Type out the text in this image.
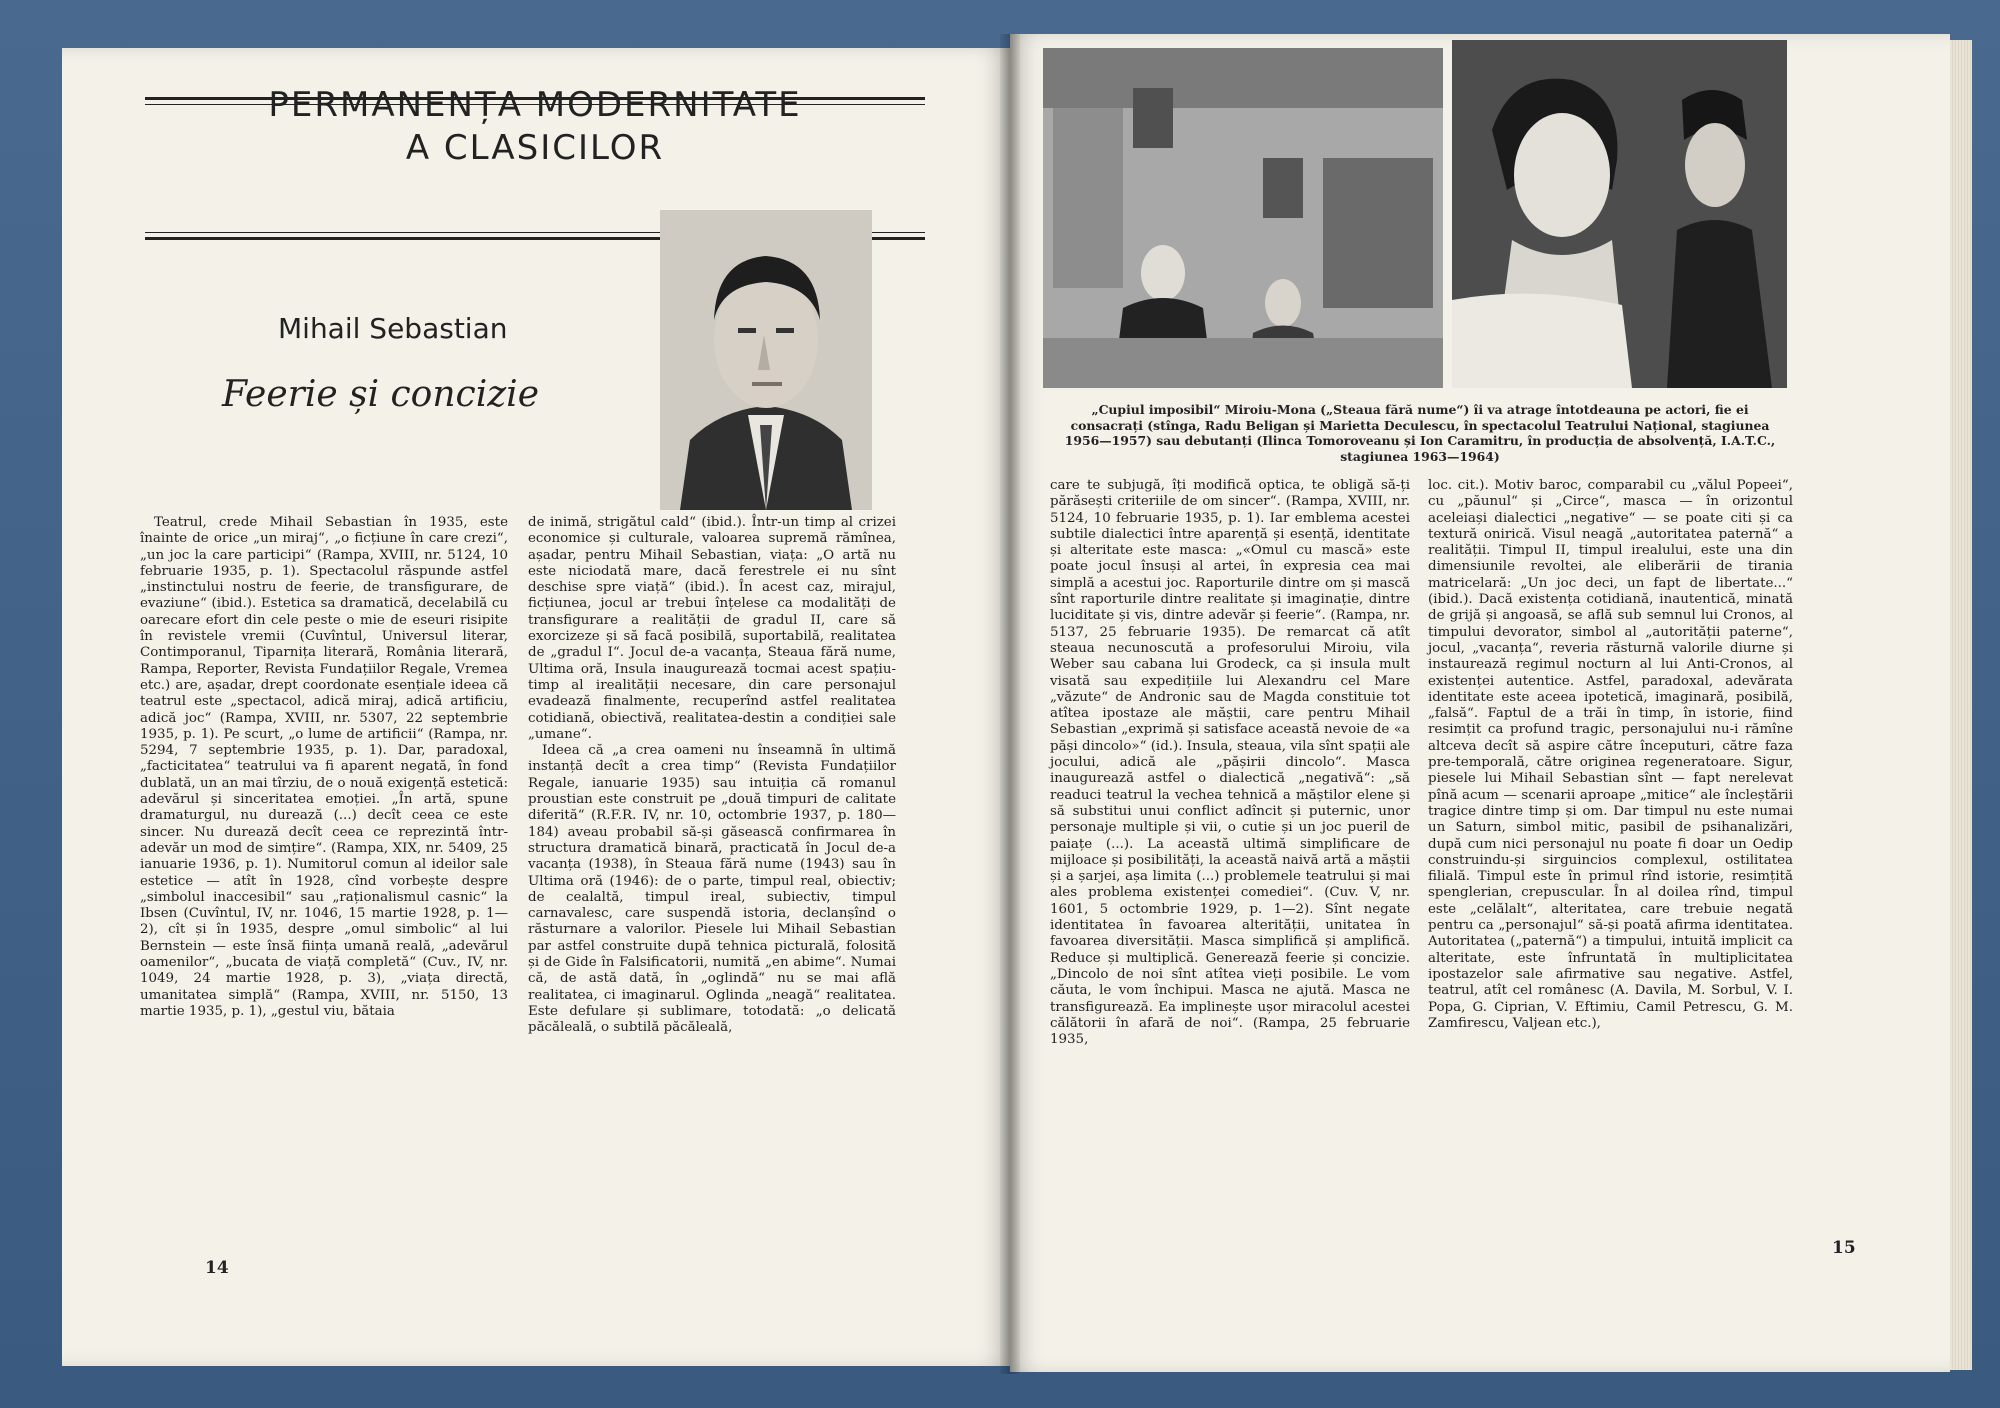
PERMANENȚA MODERNITATE
A CLASICILOR
Mihail Sebastian
Feerie și concizie

Teatrul, crede Mihail Sebastian în 1935, este înainte de orice „un miraj“, „o ficțiune în care crezi“, „un joc la care participi“ (Rampa, XVIII, nr. 5124, 10 februarie 1935, p. 1). Spectacolul răspunde astfel „instinctului nostru de feerie, de transfigurare, de evaziune“ (ibid.). Estetica sa dramatică, decelabilă cu oarecare efort din cele peste o mie de eseuri risipite în revistele vremii (Cuvîntul, Universul literar, Contimporanul, Tiparnița literară, România literară, Rampa, Reporter, Revista Fundațiilor Regale, Vremea etc.) are, așadar, drept coordonate esențiale ideea că teatrul este „spectacol, adică miraj, adică artificiu, adică joc“ (Rampa, XVIII, nr. 5307, 22 septembrie 1935, p. 1). Pe scurt, „o lume de artificii“ (Rampa, nr. 5294, 7 septembrie 1935, p. 1). Dar, paradoxal, „facticitatea“ teatrului va fi aparent negată, în fond dublată, un an mai tîrziu, de o nouă exigență estetică: adevărul și sinceritatea emoției. „În artă, spune dramaturgul, nu durează (...) decît ceea ce este sincer. Nu durează decît ceea ce reprezintă într-adevăr un mod de simțire“. (Rampa, XIX, nr. 5409, 25 ianuarie 1936, p. 1). Numitorul comun al ideilor sale estetice — atît în 1928, cînd vorbește despre „simbolul inaccesibil“ sau „raționalismul casnic“ la Ibsen (Cuvîntul, IV, nr. 1046, 15 martie 1928, p. 1—2), cît și în 1935, despre „omul simbolic“ al lui Bernstein — este însă ființa umană reală, „adevărul oamenilor“, „bucata de viață completă“ (Cuv., IV, nr. 1049, 24 martie 1928, p. 3), „viața directă, umanitatea simplă“ (Rampa, XVIII, nr. 5150, 13 martie 1935, p. 1), „gestul viu, bătaia

de inimă, strigătul cald“ (ibid.). Într-un timp al crizei economice și culturale, valoarea supremă rămînea, așadar, pentru Mihail Sebastian, viața: „O artă nu este niciodată mare, dacă ferestrele ei nu sînt deschise spre viață“ (ibid.). În acest caz, mirajul, ficțiunea, jocul ar trebui înțelese ca modalități de transfigurare a realității de gradul II, care să exorcizeze și să facă posibilă, suportabilă, realitatea de „gradul I“. Jocul de-a vacanța, Steaua fără nume, Ultima oră, Insula inaugurează tocmai acest spațiu-timp al irealității necesare, din care personajul evadează finalmente, recuperînd astfel realitatea cotidiană, obiectivă, realitatea-destin a condiției sale „umane“.

Ideea că „a crea oameni nu înseamnă în ultimă instanță decît a crea timp“ (Revista Fundațiilor Regale, ianuarie 1935) sau intuiția că romanul proustian este construit pe „două timpuri de calitate diferită“ (R.F.R. IV, nr. 10, octombrie 1937, p. 180—184) aveau probabil să-și găsească confirmarea în structura dramatică binară, practicată în Jocul de-a vacanța (1938), în Steaua fără nume (1943) sau în Ultima oră (1946): de o parte, timpul real, obiectiv; de cealaltă, timpul ireal, subiectiv, timpul carnavalesc, care suspendă istoria, declanșînd o răsturnare a valorilor. Piesele lui Mihail Sebastian par astfel construite după tehnica picturală, folosită și de Gide în Falsificatorii, numită „en abime“. Numai că, de astă dată, în „oglindă“ nu se mai află realitatea, ci imaginarul. Oglinda „neagă“ realitatea. Este defulare și sublimare, totodată: „o delicată păcăleală, o subtilă păcăleală,

14
„Cupiul imposibil“ Miroiu-Mona („Steaua fără nume“) îi va atrage întotdeauna pe actori, fie ei consacrați (stînga, Radu Beligan și Marietta Deculescu, în spectacolul Teatrului Național, stagiunea 1956—1957) sau debutanți (Ilinca Tomoroveanu și Ion Caramitru, în producția de absolvență, I.A.T.C., stagiunea 1963—1964)

care te subjugă, îți modifică optica, te obligă să-ți părăsești criteriile de om sincer“. (Rampa, XVIII, nr. 5124, 10 februarie 1935, p. 1). Iar emblema acestei subtile dialectici între aparență și esență, identitate și alteritate este masca: „«Omul cu mască» este poate jocul însuși al artei, în expresia cea mai simplă a acestui joc. Raporturile dintre om și mască sînt raporturile dintre realitate și imaginație, dintre luciditate și vis, dintre adevăr și feerie“. (Rampa, nr. 5137, 25 februarie 1935). De remarcat că atît steaua necunoscută a profesorului Miroiu, vila Weber sau cabana lui Grodeck, ca și insula mult visată sau expedițiile lui Alexandru cel Mare „văzute“ de Andronic sau de Magda constituie tot atîtea ipostaze ale măștii, care pentru Mihail Sebastian „exprimă și satisface această nevoie de «a păși dincolo»“ (id.). Insula, steaua, vila sînt spații ale jocului, adică ale „pășirii dincolo“. Masca inaugurează astfel o dialectică „negativă“: „să readuci teatrul la vechea tehnică a măștilor elene și să substitui unui conflict adîncit și puternic, unor personaje multiple și vii, o cutie și un joc pueril de paiațe (...). La această ultimă simplificare de mijloace și posibilități, la această naivă artă a măștii și a șarjei, așa limita (...) problemele teatrului și mai ales problema existenței comediei“. (Cuv. V, nr. 1601, 5 octombrie 1929, p. 1—2). Sînt negate identitatea în favoarea alterității, unitatea în favoarea diversității. Masca simplifică și amplifică. Reduce și multiplică. Generează feerie și concizie. „Dincolo de noi sînt atîtea vieți posibile. Le vom căuta, le vom închipui. Masca ne ajută. Masca ne transfigurează. Ea implinește ușor miracolul acestei călătorii în afară de noi“. (Rampa, 25 februarie 1935,

loc. cit.). Motiv baroc, comparabil cu „vălul Popeei“, cu „păunul“ și „Circe“, masca — în orizontul aceleiași dialectici „negative“ — se poate citi și ca textură onirică. Visul neagă „autoritatea paternă“ a realității. Timpul II, timpul irealului, este una din dimensiunile revoltei, ale eliberării de tirania matricelară: „Un joc deci, un fapt de libertate...“ (ibid.). Dacă existența cotidiană, inautentică, minată de grijă și angoasă, se află sub semnul lui Cronos, al timpului devorator, simbol al „autorității paterne“, jocul, „vacanța“, reveria răsturnă valorile diurne și instaurează regimul nocturn al lui Anti-Cronos, al existenței autentice. Astfel, paradoxal, adevărata identitate este aceea ipotetică, imaginară, posibilă, „falsă“. Faptul de a trăi în timp, în istorie, fiind resimțit ca profund tragic, personajului nu-i rămîne altceva decît să aspire către începuturi, către faza pre-temporală, către originea regeneratoare. Sigur, piesele lui Mihail Sebastian sînt — fapt nerelevat pînă acum — scenarii aproape „mitice“ ale încleștării tragice dintre timp și om. Dar timpul nu este numai un Saturn, simbol mitic, pasibil de psihanalizări, după cum nici personajul nu poate fi doar un Oedip construindu-și sirguincios complexul, ostilitatea filială. Timpul este în primul rînd istorie, resimțită spenglerian, crepuscular. În al doilea rînd, timpul este „celălalt“, alteritatea, care trebuie negată pentru ca „personajul“ să-și poată afirma identitatea. Autoritatea („paternă“) a timpului, intuită implicit ca alteritate, este înfruntată în multiplicitatea ipostazelor sale afirmative sau negative. Astfel, teatrul, atît cel românesc (A. Davila, M. Sorbul, V. I. Popa, G. Ciprian, V. Eftimiu, Camil Petrescu, G. M. Zamfirescu, Valjean etc.),

15
